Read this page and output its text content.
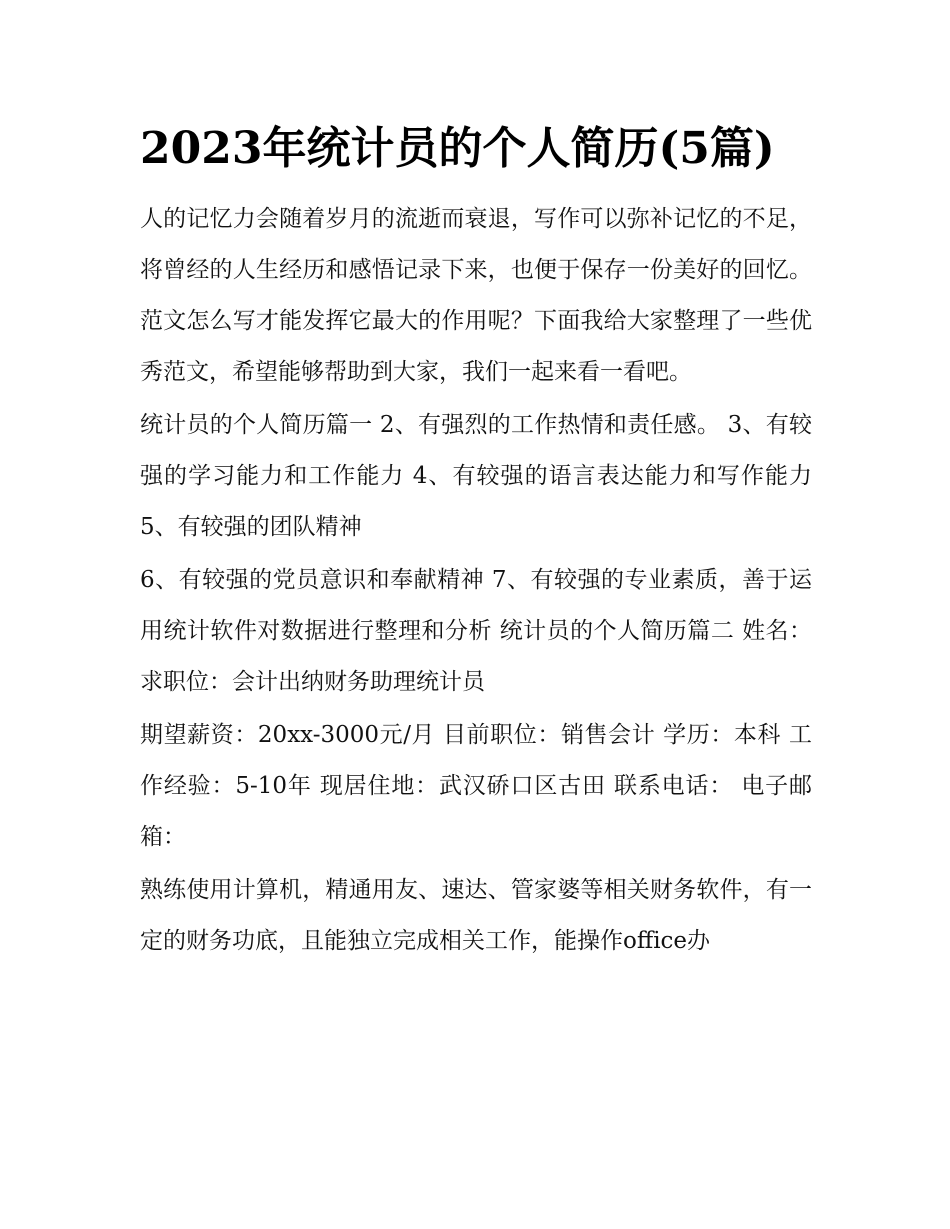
2023年统计员的个人简历(5篇)

人的记忆力会随着岁月的流逝而衰退，写作可以弥补记忆的不足，将曾经的人生经历和感悟记录下来，也便于保存一份美好的回忆。范文怎么写才能发挥它最大的作用呢？下面我给大家整理了一些优秀范文，希望能够帮助到大家，我们一起来看一看吧。

统计员的个人简历篇一 2、有强烈的工作热情和责任感。 3、有较强的学习能力和工作能力 4、有较强的语言表达能力和写作能力 5、有较强的团队精神

6、有较强的党员意识和奉献精神 7、有较强的专业素质，善于运用统计软件对数据进行整理和分析 统计员的个人简历篇二 姓名： 求职位：会计出纳财务助理统计员

期望薪资：20xx-3000元/月 目前职位：销售会计 学历：本科 工作经验：5-10年 现居住地：武汉硚口区古田 联系电话： 电子邮箱：

熟练使用计算机，精通用友、速达、管家婆等相关财务软件，有一定的财务功底，且能独立完成相关工作，能操作office办
